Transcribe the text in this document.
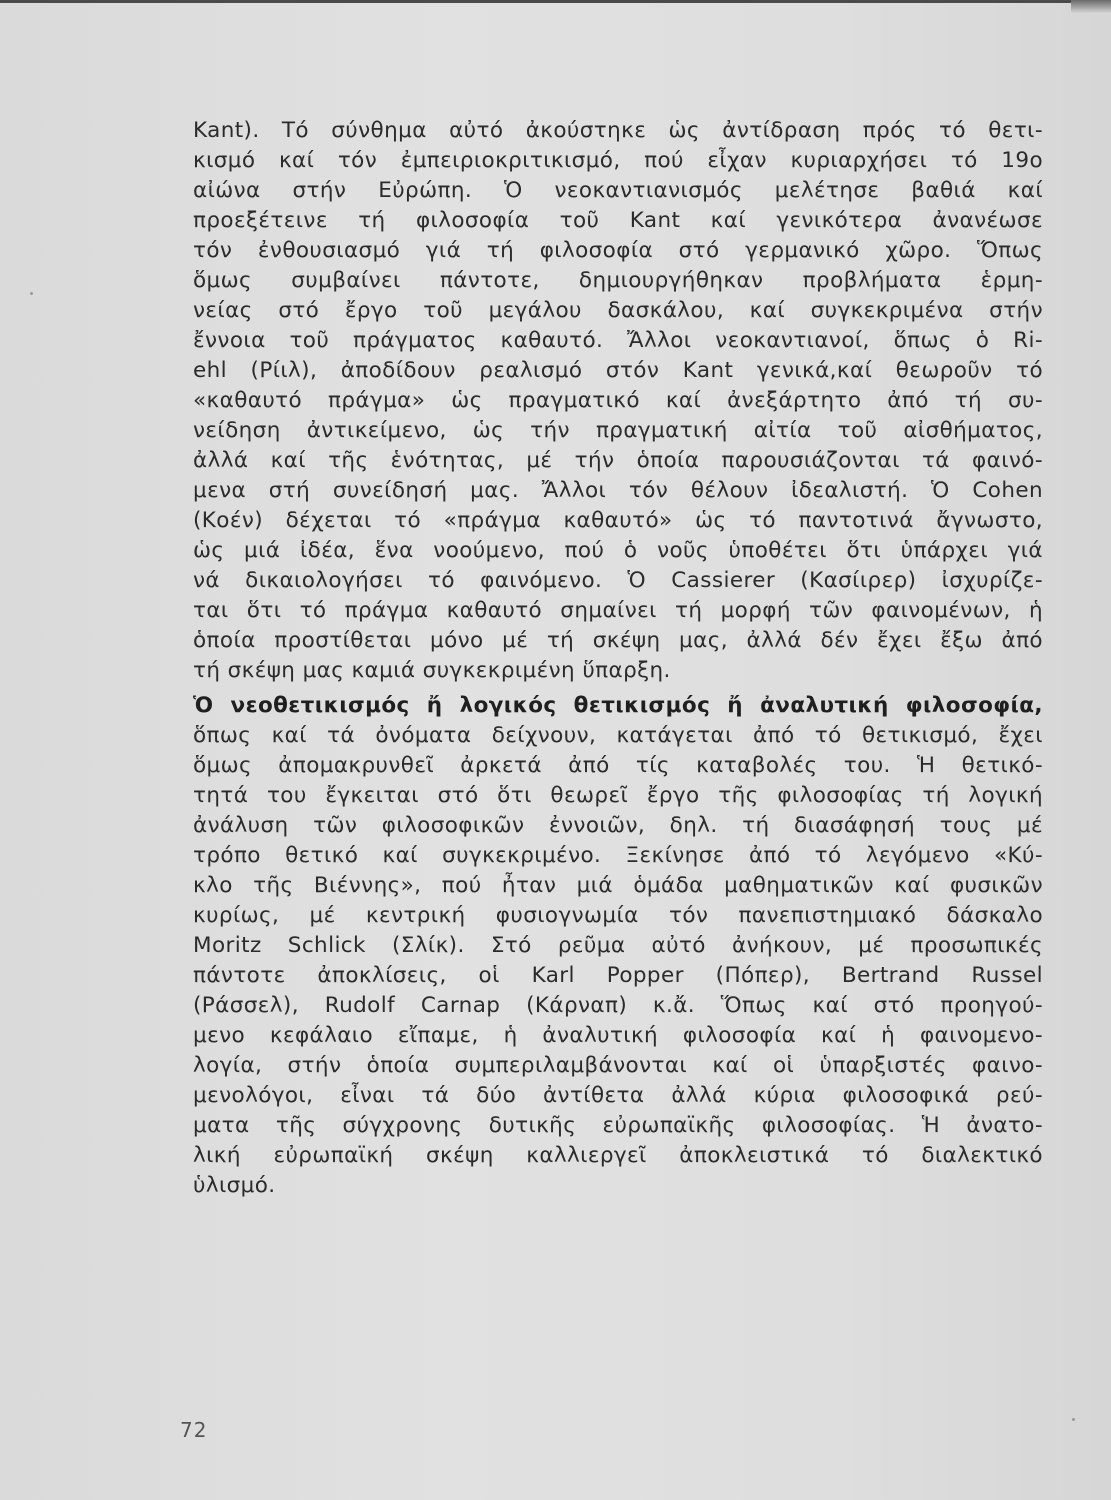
Kant). Τό σύνθημα αὐτό ἀκούστηκε ὡς ἀντίδραση πρός τό θετι-
κισμό καί τόν ἐμπειριοκριτικισμό, πού εἶχαν κυριαρχήσει τό 19ο
αἰώνα στήν Εὐρώπη. Ὁ νεοκαντιανισμός μελέτησε βαθιά καί
προεξέτεινε τή φιλοσοφία τοῦ Kant καί γενικότερα ἀνανέωσε
τόν ἐνθουσιασμό γιά τή φιλοσοφία στό γερμανικό χῶρο. Ὅπως
ὅμως συμβαίνει πάντοτε, δημιουργήθηκαν προβλήματα ἑρμη-
νείας στό ἔργο τοῦ μεγάλου δασκάλου, καί συγκεκριμένα στήν
ἔννοια τοῦ πράγματος καθαυτό. Ἄλλοι νεοκαντιανοί, ὅπως ὁ Ri-
ehl (Ρίιλ), ἀποδίδουν ρεαλισμό στόν Kant γενικά,καί θεωροῦν τό
«καθαυτό πράγμα» ὡς πραγματικό καί ἀνεξάρτητο ἀπό τή συ-
νείδηση ἀντικείμενο, ὡς τήν πραγματική αἰτία τοῦ αἰσθήματος,
ἀλλά καί τῆς ἑνότητας, μέ τήν ὁποία παρουσιάζονται τά φαινό-
μενα στή συνείδησή μας. Ἄλλοι τόν θέλουν ἰδεαλιστή. Ὁ Cohen
(Κοέν) δέχεται τό «πράγμα καθαυτό» ὡς τό παντοτινά ἄγνωστο,
ὡς μιά ἰδέα, ἕνα νοούμενο, πού ὁ νοῦς ὑποθέτει ὅτι ὑπάρχει γιά
νά δικαιολογήσει τό φαινόμενο. Ὁ Cassierer (Κασίιρερ) ἰσχυρίζε-
ται ὅτι τό πράγμα καθαυτό σημαίνει τή μορφή τῶν φαινομένων, ἡ
ὁποία προστίθεται μόνο μέ τή σκέψη μας, ἀλλά δέν ἔχει ἔξω ἀπό
τή σκέψη μας καμιά συγκεκριμένη ὕπαρξη.
Ὁ νεοθετικισμός ἤ λογικός θετικισμός ἤ ἀναλυτική φιλοσοφία,
ὅπως καί τά ὀνόματα δείχνουν, κατάγεται ἀπό τό θετικισμό, ἔχει
ὅμως ἀπομακρυνθεῖ ἀρκετά ἀπό τίς καταβολές του. Ἡ θετικό-
τητά του ἔγκειται στό ὅτι θεωρεῖ ἔργο τῆς φιλοσοφίας τή λογική
ἀνάλυση τῶν φιλοσοφικῶν ἐννοιῶν, δηλ. τή διασάφησή τους μέ
τρόπο θετικό καί συγκεκριμένο. Ξεκίνησε ἀπό τό λεγόμενο «Κύ-
κλο τῆς Βιέννης», πού ἦταν μιά ὁμάδα μαθηματικῶν καί φυσικῶν
κυρίως, μέ κεντρική φυσιογνωμία τόν πανεπιστημιακό δάσκαλο
Moritz Schlick (Σλίκ). Στό ρεῦμα αὐτό ἀνήκουν, μέ προσωπικές
πάντοτε ἀποκλίσεις, οἱ Karl Popper (Πόπερ), Bertrand Russel
(Ράσσελ), Rudolf Carnap (Κάρναπ) κ.ἄ. Ὅπως καί στό προηγού-
μενο κεφάλαιο εἴπαμε, ἡ ἀναλυτική φιλοσοφία καί ἡ φαινομενο-
λογία, στήν ὁποία συμπεριλαμβάνονται καί οἱ ὑπαρξιστές φαινο-
μενολόγοι, εἶναι τά δύο ἀντίθετα ἀλλά κύρια φιλοσοφικά ρεύ-
ματα τῆς σύγχρονης δυτικῆς εὐρωπαϊκῆς φιλοσοφίας. Ἡ ἀνατο-
λική εὐρωπαϊκή σκέψη καλλιεργεῖ ἀποκλειστικά τό διαλεκτικό
ὑλισμό.
72
